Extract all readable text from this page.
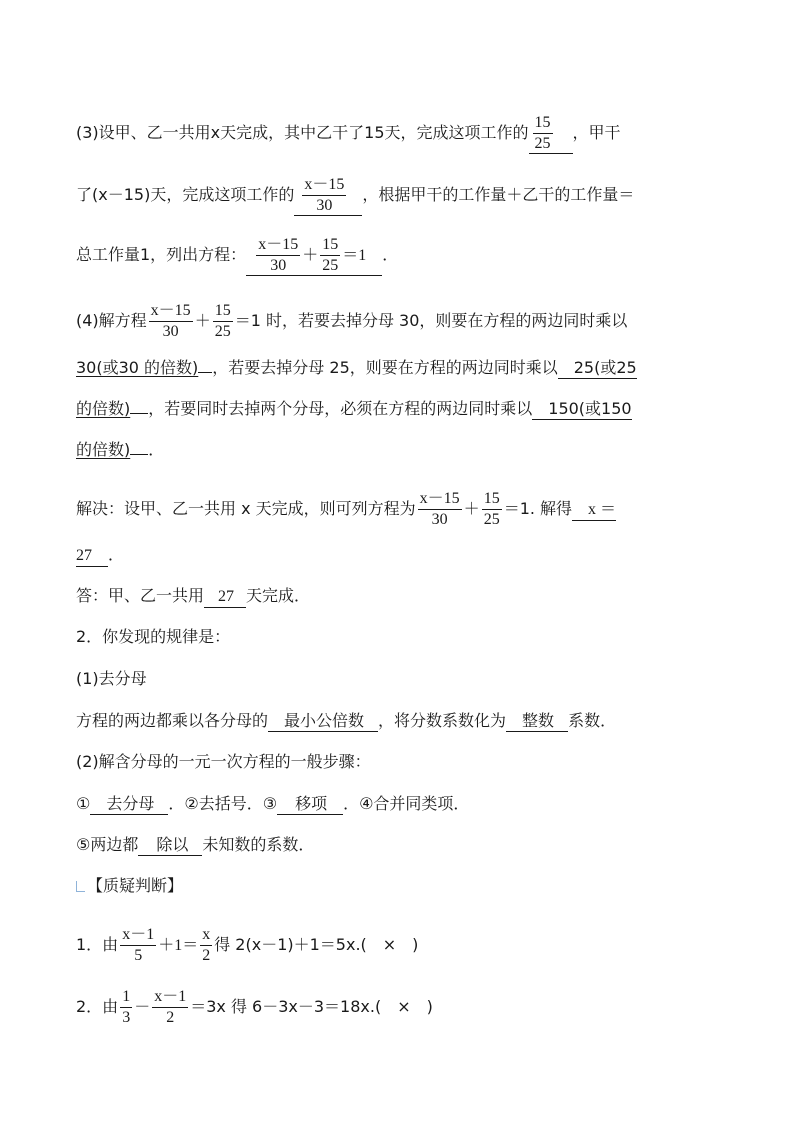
(3)设甲、乙一共用x天完成，其中乙干了15天，完成这项工作的 $\frac{15}{25}$ ，甲干
了(x－15)天，完成这项工作的 $\frac{x-15}{30}$ ，根据甲干的工作量＋乙干的工作量＝
总工作量1，列出方程： $\frac{x-15}{30} + \frac{15}{25} =1$ ．
(4)解方程 $\frac{x-15}{30} + \frac{15}{25} =1$ 时，若要去掉分母 30，则要在方程的两边同时乘以
30(或30 的倍数) ，若要去掉分母 25，则要在方程的两边同时乘以 25(或25
的倍数) ，若要同时去掉两个分母，必须在方程的两边同时乘以 150(或150
的倍数) ．
解决：设甲、乙一共用 x 天完成，则可列方程为 $\frac{x-15}{30} + \frac{15}{25} =1$. 解得 x ＝
27 ．
答：甲、乙一共用 27 天完成．
2．你发现的规律是：
(1)去分母
方程的两边都乘以各分母的 最小公倍数 ，将分数系数化为 整数 系数．
(2)解含分母的一元一次方程的一般步骤：
① 去分母 ．②去括号．③ 移项 ．④合并同类项．
⑤两边都 除以 未知数的系数．
【质疑判断】
1．由 $\frac{x-1}{5} +1= \frac{x}{2}$ 得 2(x－1)＋1＝5x.(　×　)
2．由 $\frac{1}{3} - \frac{x-1}{2} =3x$ 得 6－3x－3＝18x.(　×　)
